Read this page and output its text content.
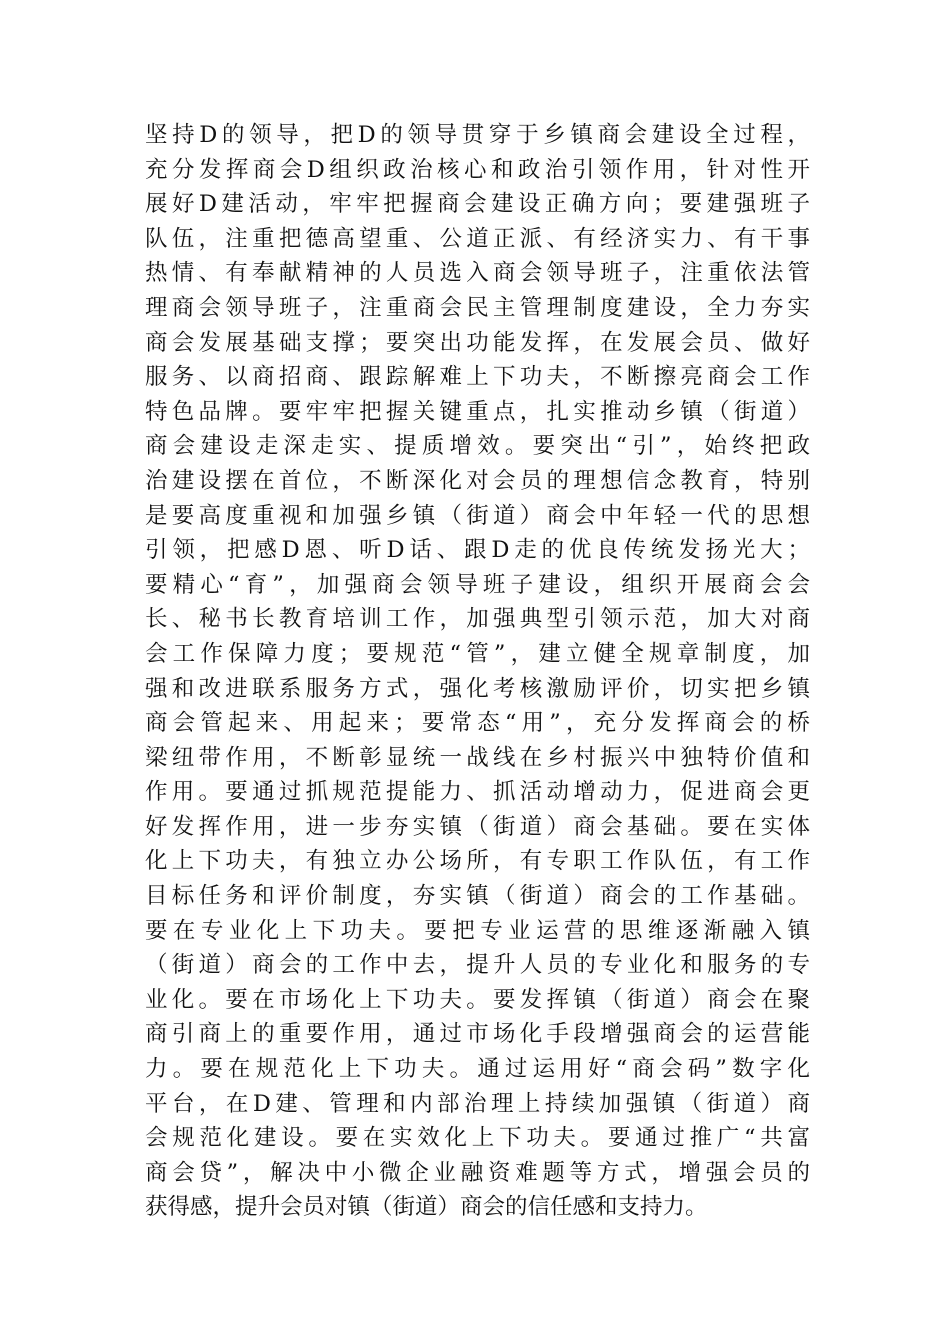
坚持D的领导，把D的领导贯穿于乡镇商会建设全过程，
充分发挥商会D组织政治核心和政治引领作用，针对性开
展好D建活动，牢牢把握商会建设正确方向；要建强班子
队伍，注重把德高望重、公道正派、有经济实力、有干事
热情、有奉献精神的人员选入商会领导班子，注重依法管
理商会领导班子，注重商会民主管理制度建设，全力夯实
商会发展基础支撑；要突出功能发挥，在发展会员、做好
服务、以商招商、跟踪解难上下功夫，不断擦亮商会工作
特色品牌。要牢牢把握关键重点，扎实推动乡镇（街道）
商会建设走深走实、提质增效。要突出“引”，始终把政
治建设摆在首位，不断深化对会员的理想信念教育，特别
是要高度重视和加强乡镇（街道）商会中年轻一代的思想
引领，把感D恩、听D话、跟D走的优良传统发扬光大；
要精心“育”，加强商会领导班子建设，组织开展商会会
长、秘书长教育培训工作，加强典型引领示范，加大对商
会工作保障力度；要规范“管”，建立健全规章制度，加
强和改进联系服务方式，强化考核激励评价，切实把乡镇
商会管起来、用起来；要常态“用”，充分发挥商会的桥
梁纽带作用，不断彰显统一战线在乡村振兴中独特价值和
作用。要通过抓规范提能力、抓活动增动力，促进商会更
好发挥作用，进一步夯实镇（街道）商会基础。要在实体
化上下功夫，有独立办公场所，有专职工作队伍，有工作
目标任务和评价制度，夯实镇（街道）商会的工作基础。
要在专业化上下功夫。要把专业运营的思维逐渐融入镇
（街道）商会的工作中去，提升人员的专业化和服务的专
业化。要在市场化上下功夫。要发挥镇（街道）商会在聚
商引商上的重要作用，通过市场化手段增强商会的运营能
力。要在规范化上下功夫。通过运用好“商会码”数字化
平台，在D建、管理和内部治理上持续加强镇（街道）商
会规范化建设。要在实效化上下功夫。要通过推广“共富
商会贷”，解决中小微企业融资难题等方式，增强会员的
获得感，提升会员对镇（街道）商会的信任感和支持力。
